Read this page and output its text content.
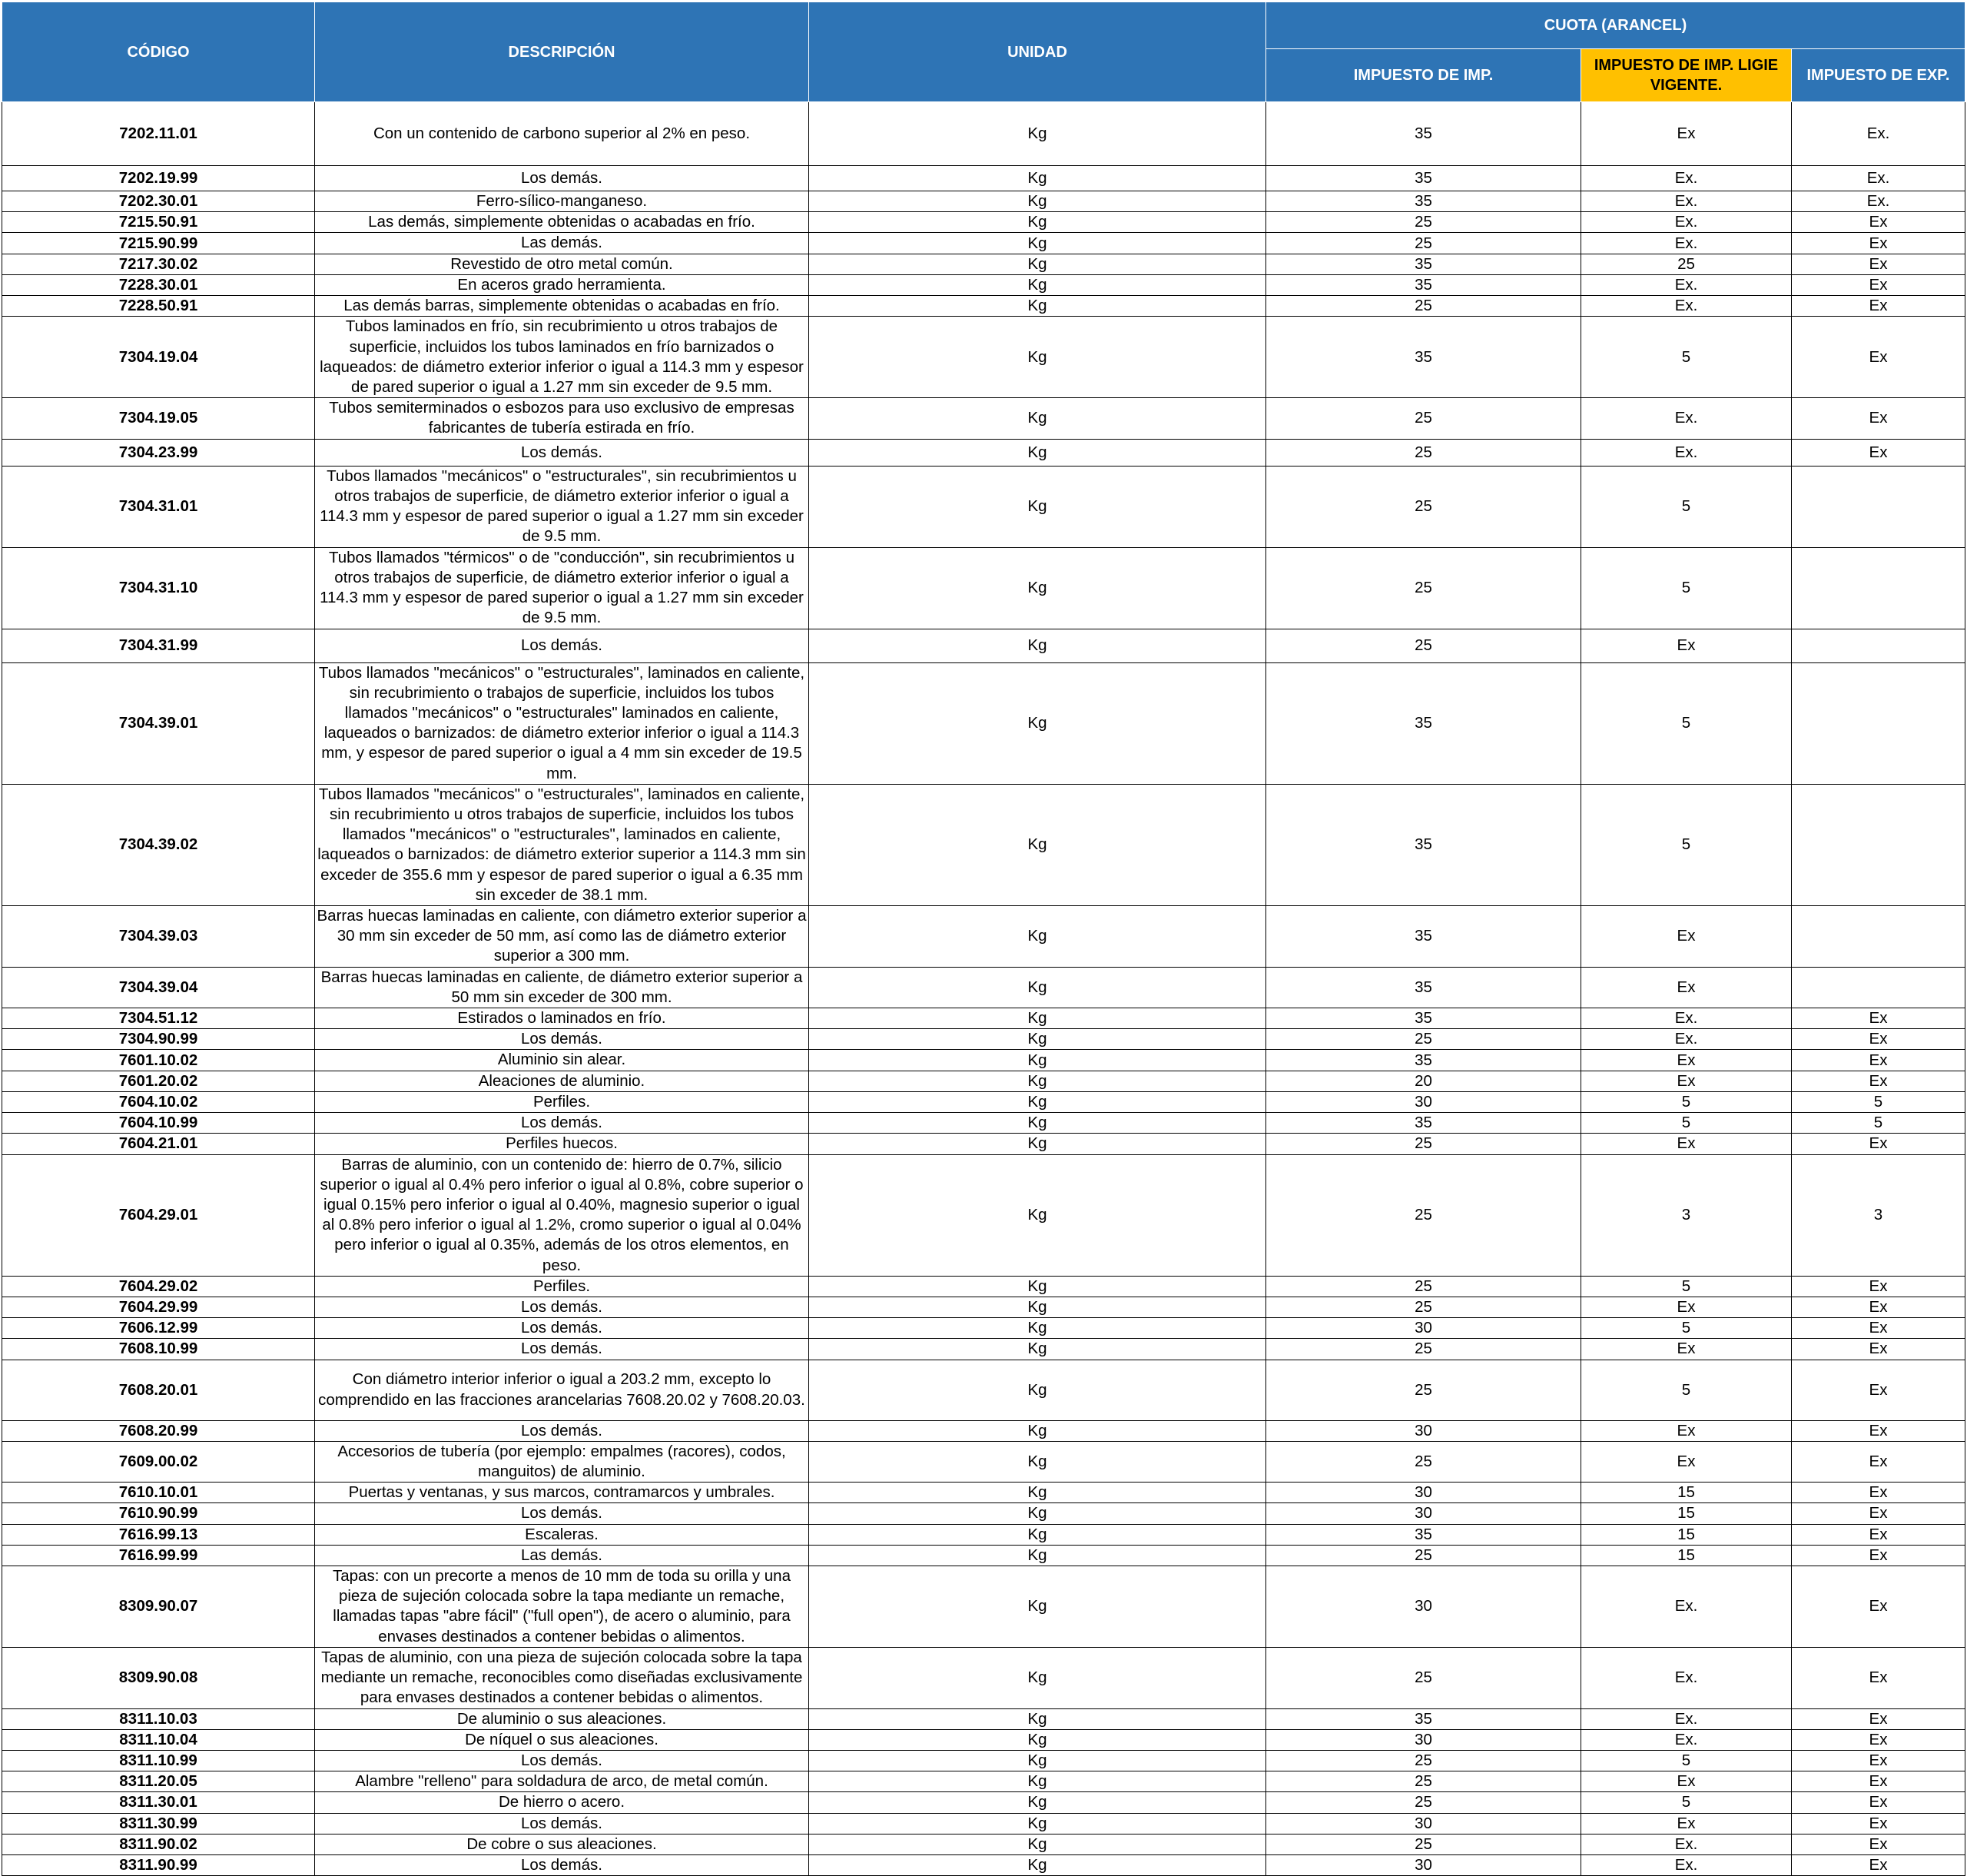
CÓDIGO	DESCRIPCIÓN	UNIDAD	CUOTA (ARANCEL)		
			IMPUESTO DE IMP.	IMPUESTO DE IMP. LIGIE VIGENTE.	IMPUESTO DE EXP.
7202.11.01	Con un contenido de carbono superior al 2% en peso.	Kg	35	Ex	Ex.
7202.19.99	Los demás.	Kg	35	Ex.	Ex.
7202.30.01	Ferro-sílico-manganeso.	Kg	35	Ex.	Ex.
7215.50.91	Las demás, simplemente obtenidas o acabadas en frío.	Kg	25	Ex.	Ex
7215.90.99	Las demás.	Kg	25	Ex.	Ex
7217.30.02	Revestido de otro metal común.	Kg	35	25	Ex
7228.30.01	En aceros grado herramienta.	Kg	35	Ex.	Ex
7228.50.91	Las demás barras, simplemente obtenidas o acabadas en frío.	Kg	25	Ex.	Ex
7304.19.04	Tubos laminados en frío, sin recubrimiento u otros trabajos de superficie, incluidos los tubos laminados en frío barnizados o laqueados: de diámetro exterior inferior o igual a 114.3 mm y espesor de pared superior o igual a 1.27 mm sin exceder de 9.5 mm.	Kg	35	5	Ex
7304.19.05	Tubos semiterminados o esbozos para uso exclusivo de empresas fabricantes de tubería estirada en frío.	Kg	25	Ex.	Ex
7304.23.99	Los demás.	Kg	25	Ex.	Ex
7304.31.01	Tubos llamados "mecánicos" o "estructurales", sin recubrimientos u otros trabajos de superficie, de diámetro exterior inferior o igual a 114.3 mm y espesor de pared superior o igual a 1.27 mm sin exceder de 9.5 mm.	Kg	25	5	
7304.31.10	Tubos llamados "térmicos" o de "conducción", sin recubrimientos u otros trabajos de superficie, de diámetro exterior inferior o igual a 114.3 mm y espesor de pared superior o igual a 1.27 mm sin exceder de 9.5 mm.	Kg	25	5	
7304.31.99	Los demás.	Kg	25	Ex	
7304.39.01	Tubos llamados "mecánicos" o "estructurales", laminados en caliente, sin recubrimiento o trabajos de superficie, incluidos los tubos llamados "mecánicos" o "estructurales" laminados en caliente, laqueados o barnizados: de diámetro exterior inferior o igual a 114.3 mm, y espesor de pared superior o igual a 4 mm sin exceder de 19.5 mm.	Kg	35	5	
7304.39.02	Tubos llamados "mecánicos" o "estructurales", laminados en caliente, sin recubrimiento u otros trabajos de superficie, incluidos los tubos llamados "mecánicos" o "estructurales", laminados en caliente, laqueados o barnizados: de diámetro exterior superior a 114.3 mm sin exceder de 355.6 mm y espesor de pared superior o igual a 6.35 mm sin exceder de 38.1 mm.	Kg	35	5	
7304.39.03	Barras huecas laminadas en caliente, con diámetro exterior superior a 30 mm sin exceder de 50 mm, así como las de diámetro exterior superior a 300 mm.	Kg	35	Ex	
7304.39.04	Barras huecas laminadas en caliente, de diámetro exterior superior a 50 mm sin exceder de 300 mm.	Kg	35	Ex	
7304.51.12	Estirados o laminados en frío.	Kg	35	Ex.	Ex
7304.90.99	Los demás.	Kg	25	Ex.	Ex
7601.10.02	Aluminio sin alear.	Kg	35	Ex	Ex
7601.20.02	Aleaciones de aluminio.	Kg	20	Ex	Ex
7604.10.02	Perfiles.	Kg	30	5	5
7604.10.99	Los demás.	Kg	35	5	5
7604.21.01	Perfiles huecos.	Kg	25	Ex	Ex
7604.29.01	Barras de aluminio, con un contenido de: hierro de 0.7%, silicio superior o igual al 0.4% pero inferior o igual al 0.8%, cobre superior o igual 0.15% pero inferior o igual al 0.40%, magnesio superior o igual al 0.8% pero inferior o igual al 1.2%, cromo superior o igual al 0.04% pero inferior o igual al 0.35%, además de los otros elementos, en peso.	Kg	25	3	3
7604.29.02	Perfiles.	Kg	25	5	Ex
7604.29.99	Los demás.	Kg	25	Ex	Ex
7606.12.99	Los demás.	Kg	30	5	Ex
7608.10.99	Los demás.	Kg	25	Ex	Ex
7608.20.01	Con diámetro interior inferior o igual a 203.2 mm, excepto lo comprendido en las fracciones arancelarias 7608.20.02 y 7608.20.03.	Kg	25	5	Ex
7608.20.99	Los demás.	Kg	30	Ex	Ex
7609.00.02	Accesorios de tubería (por ejemplo: empalmes (racores), codos, manguitos) de aluminio.	Kg	25	Ex	Ex
7610.10.01	Puertas y ventanas, y sus marcos, contramarcos y umbrales.	Kg	30	15	Ex
7610.90.99	Los demás.	Kg	30	15	Ex
7616.99.13	Escaleras.	Kg	35	15	Ex
7616.99.99	Las demás.	Kg	25	15	Ex
8309.90.07	Tapas: con un precorte a menos de 10 mm de toda su orilla y una pieza de sujeción colocada sobre la tapa mediante un remache, llamadas tapas "abre fácil" ("full open"), de acero o aluminio, para envases destinados a contener bebidas o alimentos.	Kg	30	Ex.	Ex
8309.90.08	Tapas de aluminio, con una pieza de sujeción colocada sobre la tapa mediante un remache, reconocibles como diseñadas exclusivamente para envases destinados a contener bebidas o alimentos.	Kg	25	Ex.	Ex
8311.10.03	De aluminio o sus aleaciones.	Kg	35	Ex.	Ex
8311.10.04	De níquel o sus aleaciones.	Kg	30	Ex.	Ex
8311.10.99	Los demás.	Kg	25	5	Ex
8311.20.05	Alambre "relleno" para soldadura de arco, de metal común.	Kg	25	Ex	Ex
8311.30.01	De hierro o acero.	Kg	25	5	Ex
8311.30.99	Los demás.	Kg	30	Ex	Ex
8311.90.02	De cobre o sus aleaciones.	Kg	25	Ex.	Ex
8311.90.99	Los demás.	Kg	30	Ex.	Ex
